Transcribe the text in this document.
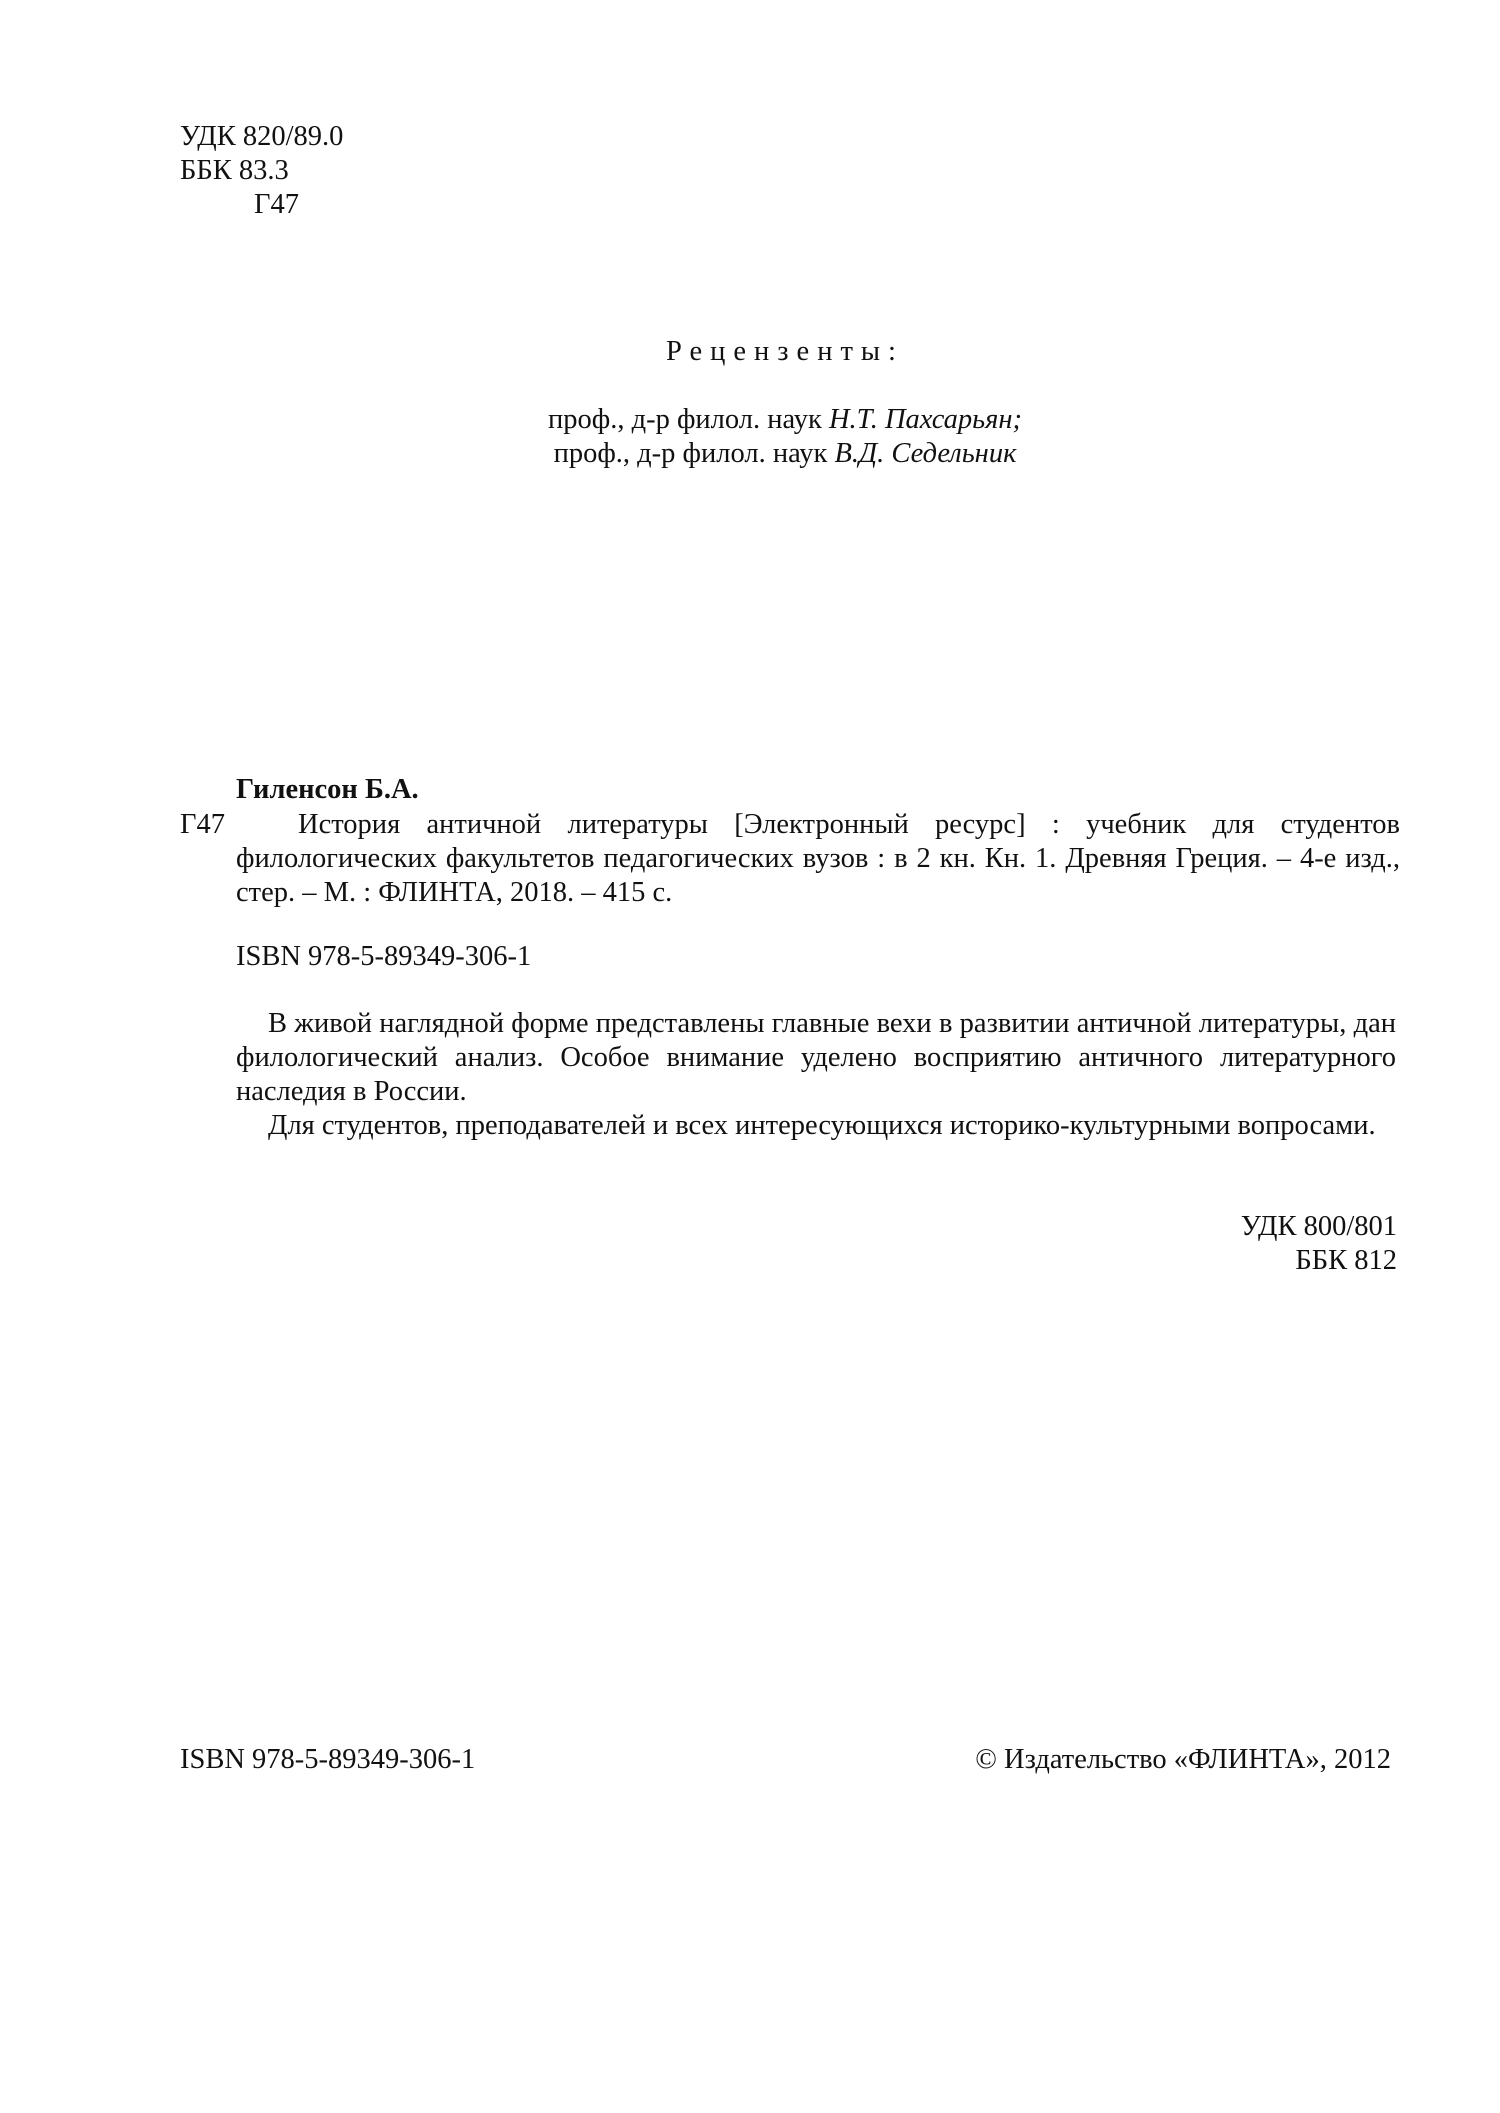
УДК 820/89.0
ББК 83.3
Г47
Рецензенты:
проф., д-р филол. наук Н.Т. Пахсарьян;
проф., д-р филол. наук В.Д. Седельник
Гиленсон Б.А.
Г47	История античной литературы [Электронный ресурс] : учебник для студентов филологических факультетов педагогических вузов : в 2 кн. Кн. 1. Древняя Греция. – 4-е изд., стер. – М. : ФЛИНТА, 2018. – 415 с.
ISBN 978-5-89349-306-1

В живой наглядной форме представлены главные вехи в развитии античной литературы, дан филологический анализ. Особое внимание уделено восприятию античного литературного наследия в России.

Для студентов, преподавателей и всех интересующихся историко-культурными вопросами.

УДК 800/801
ББК 812
ISBN 978-5-89349-306-1	© Издательство «ФЛИНТА», 2012
